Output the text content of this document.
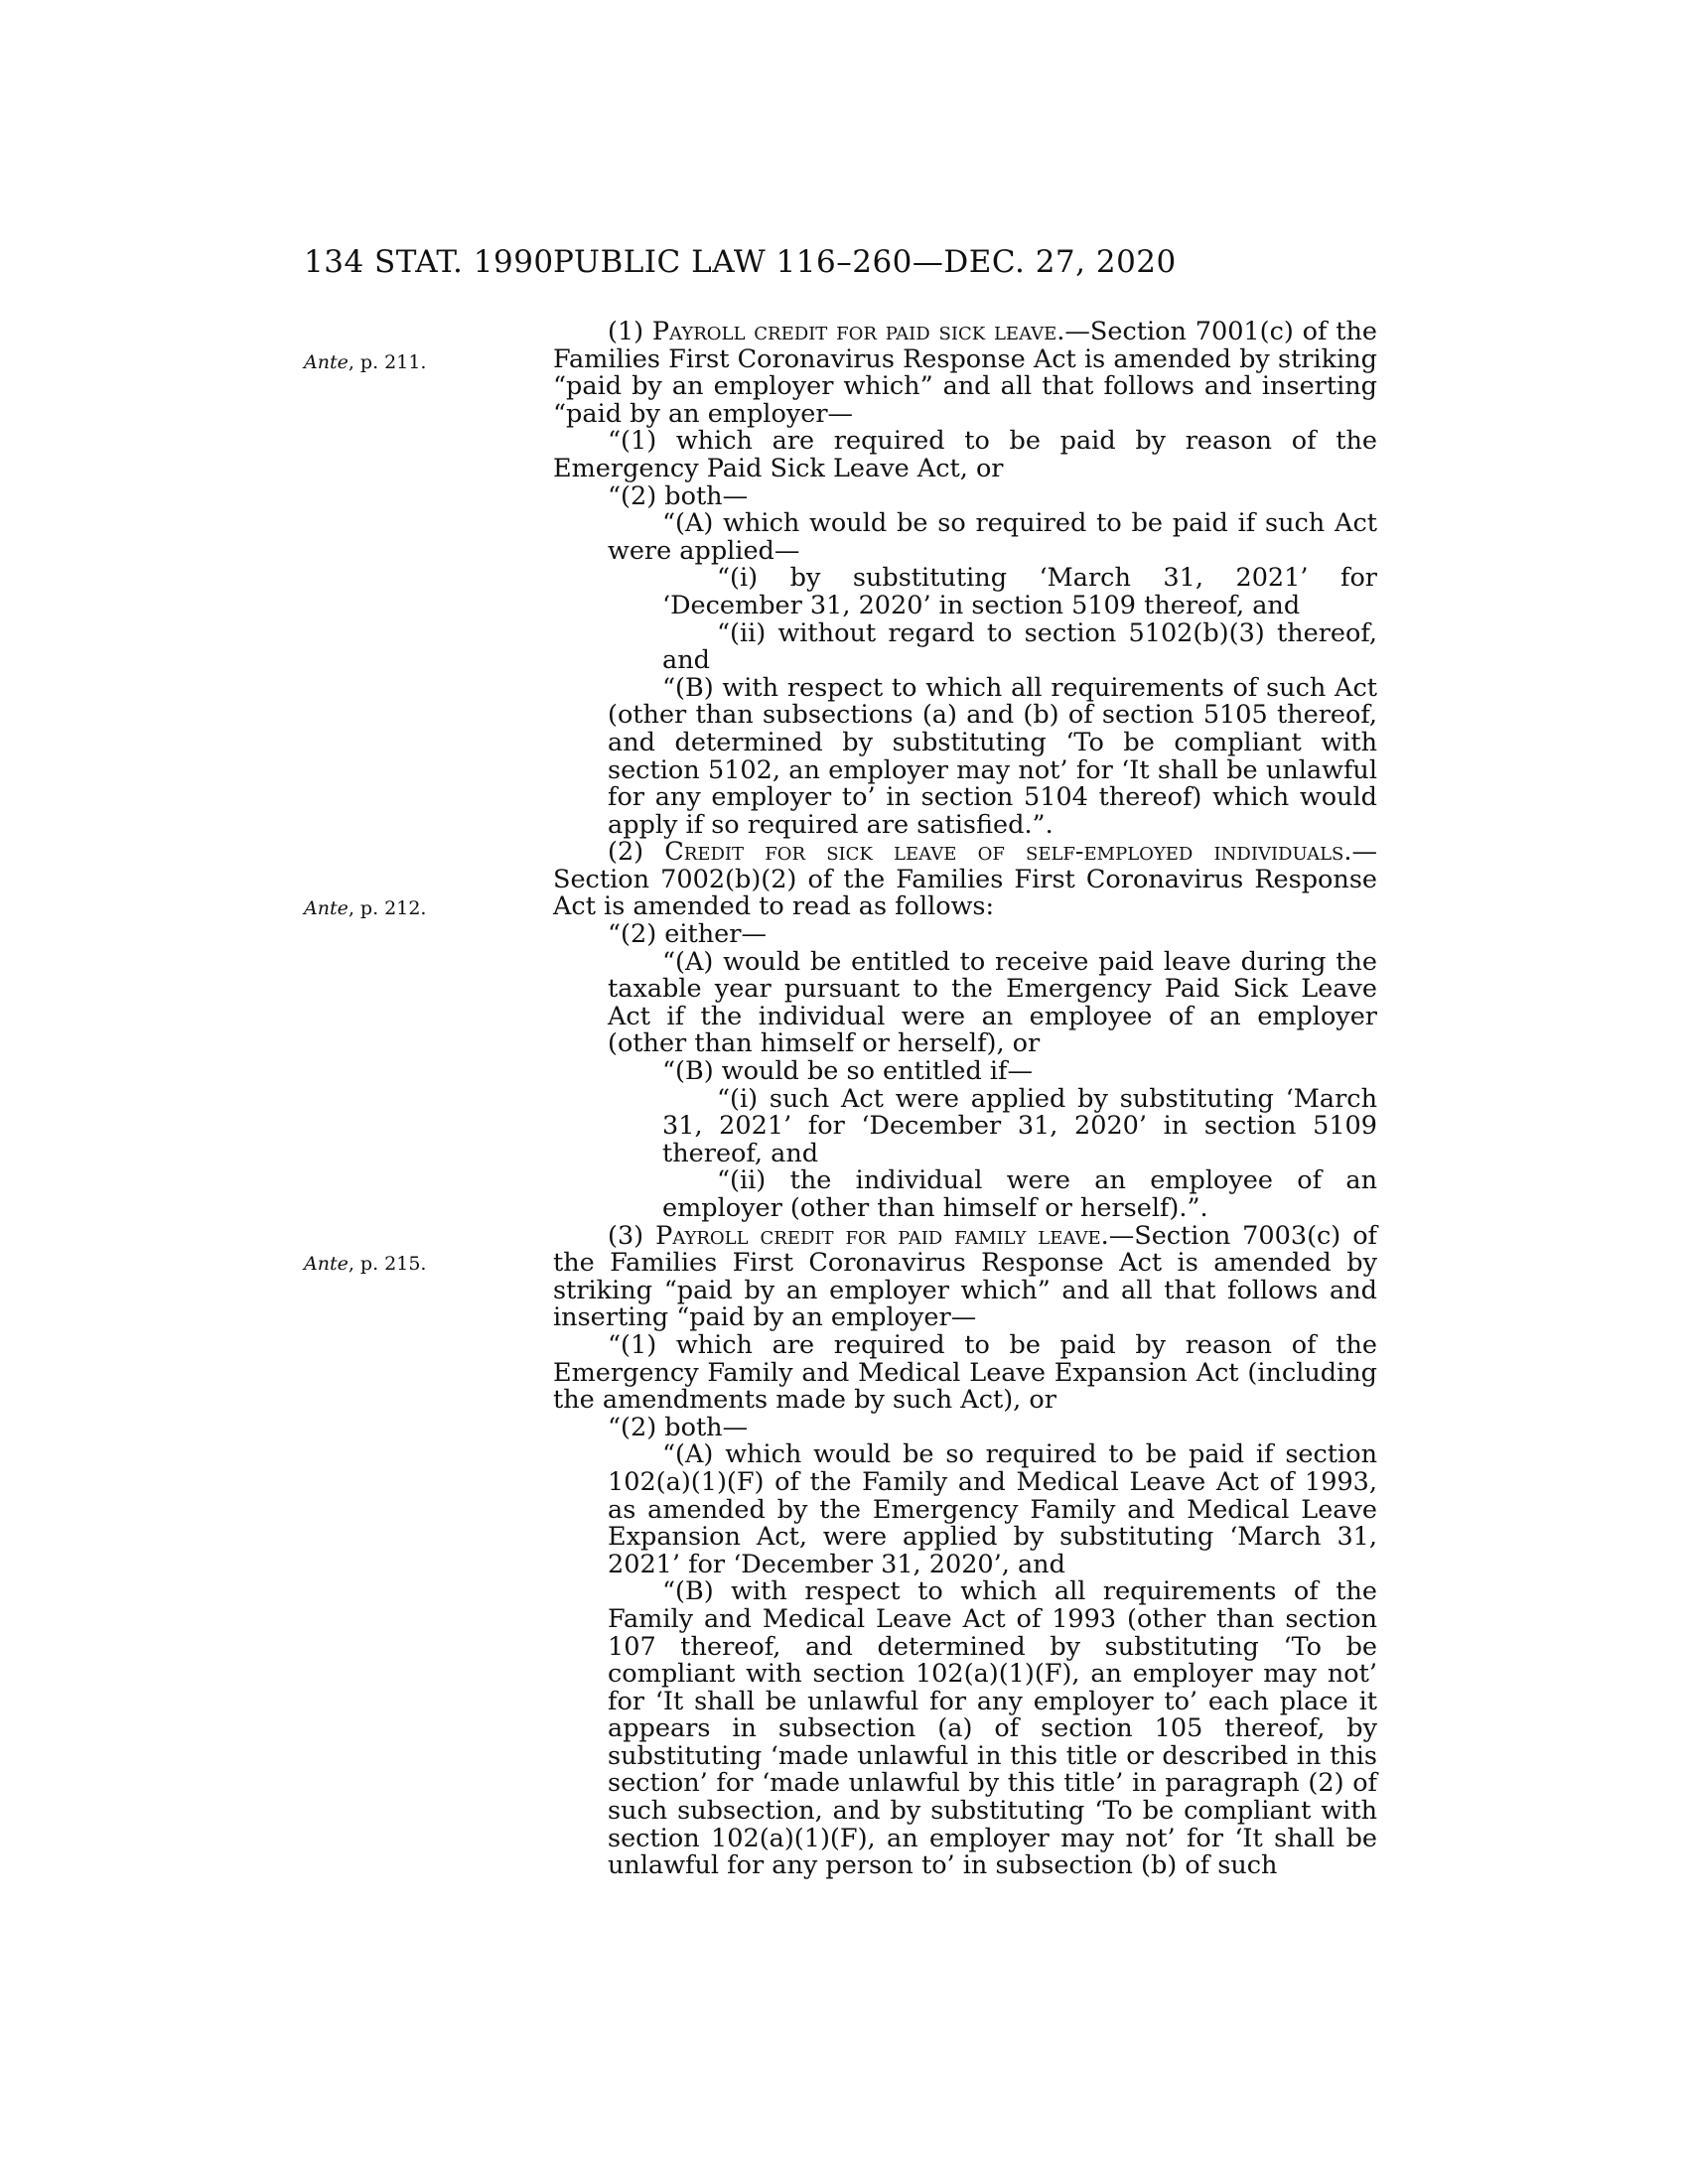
134 STAT. 1990 PUBLIC LAW 116–260—DEC. 27, 2020
Ante, p. 211.
Ante, p. 212.
Ante, p. 215.

(1) Payroll credit for paid sick leave.—Section 7001(c) of the Families First Coronavirus Response Act is amended by striking “paid by an employer which” and all that follows and inserting “paid by an employer—

“(1) which are required to be paid by reason of the Emergency Paid Sick Leave Act, or

“(2) both—

“(A) which would be so required to be paid if such Act were applied—

“(i) by substituting ‘March 31, 2021’ for ‘December 31, 2020’ in section 5109 thereof, and

“(ii) without regard to section 5102(b)(3) thereof, and

“(B) with respect to which all requirements of such Act (other than subsections (a) and (b) of section 5105 thereof, and determined by substituting ‘To be compliant with section 5102, an employer may not’ for ‘It shall be unlawful for any employer to’ in section 5104 thereof) which would apply if so required are satisfied.”.

(2) Credit for sick leave of self-employed individuals.—Section 7002(b)(2) of the Families First Coronavirus Response Act is amended to read as follows:

“(2) either—

“(A) would be entitled to receive paid leave during the taxable year pursuant to the Emergency Paid Sick Leave Act if the individual were an employee of an employer (other than himself or herself), or

“(B) would be so entitled if—

“(i) such Act were applied by substituting ‘March 31, 2021’ for ‘December 31, 2020’ in section 5109 thereof, and

“(ii) the individual were an employee of an employer (other than himself or herself).”.

(3) Payroll credit for paid family leave.—Section 7003(c) of the Families First Coronavirus Response Act is amended by striking “paid by an employer which” and all that follows and inserting “paid by an employer—

“(1) which are required to be paid by reason of the Emergency Family and Medical Leave Expansion Act (including the amendments made by such Act), or

“(2) both—

“(A) which would be so required to be paid if section 102(a)(1)(F) of the Family and Medical Leave Act of 1993, as amended by the Emergency Family and Medical Leave Expansion Act, were applied by substituting ‘March 31, 2021’ for ‘December 31, 2020’, and

“(B) with respect to which all requirements of the Family and Medical Leave Act of 1993 (other than section 107 thereof, and determined by substituting ‘To be compliant with section 102(a)(1)(F), an employer may not’ for ‘It shall be unlawful for any employer to’ each place it appears in subsection (a) of section 105 thereof, by substituting ‘made unlawful in this title or described in this section’ for ‘made unlawful by this title’ in paragraph (2) of such subsection, and by substituting ‘To be compliant with section 102(a)(1)(F), an employer may not’ for ‘It shall be unlawful for any person to’ in subsection (b) of such
